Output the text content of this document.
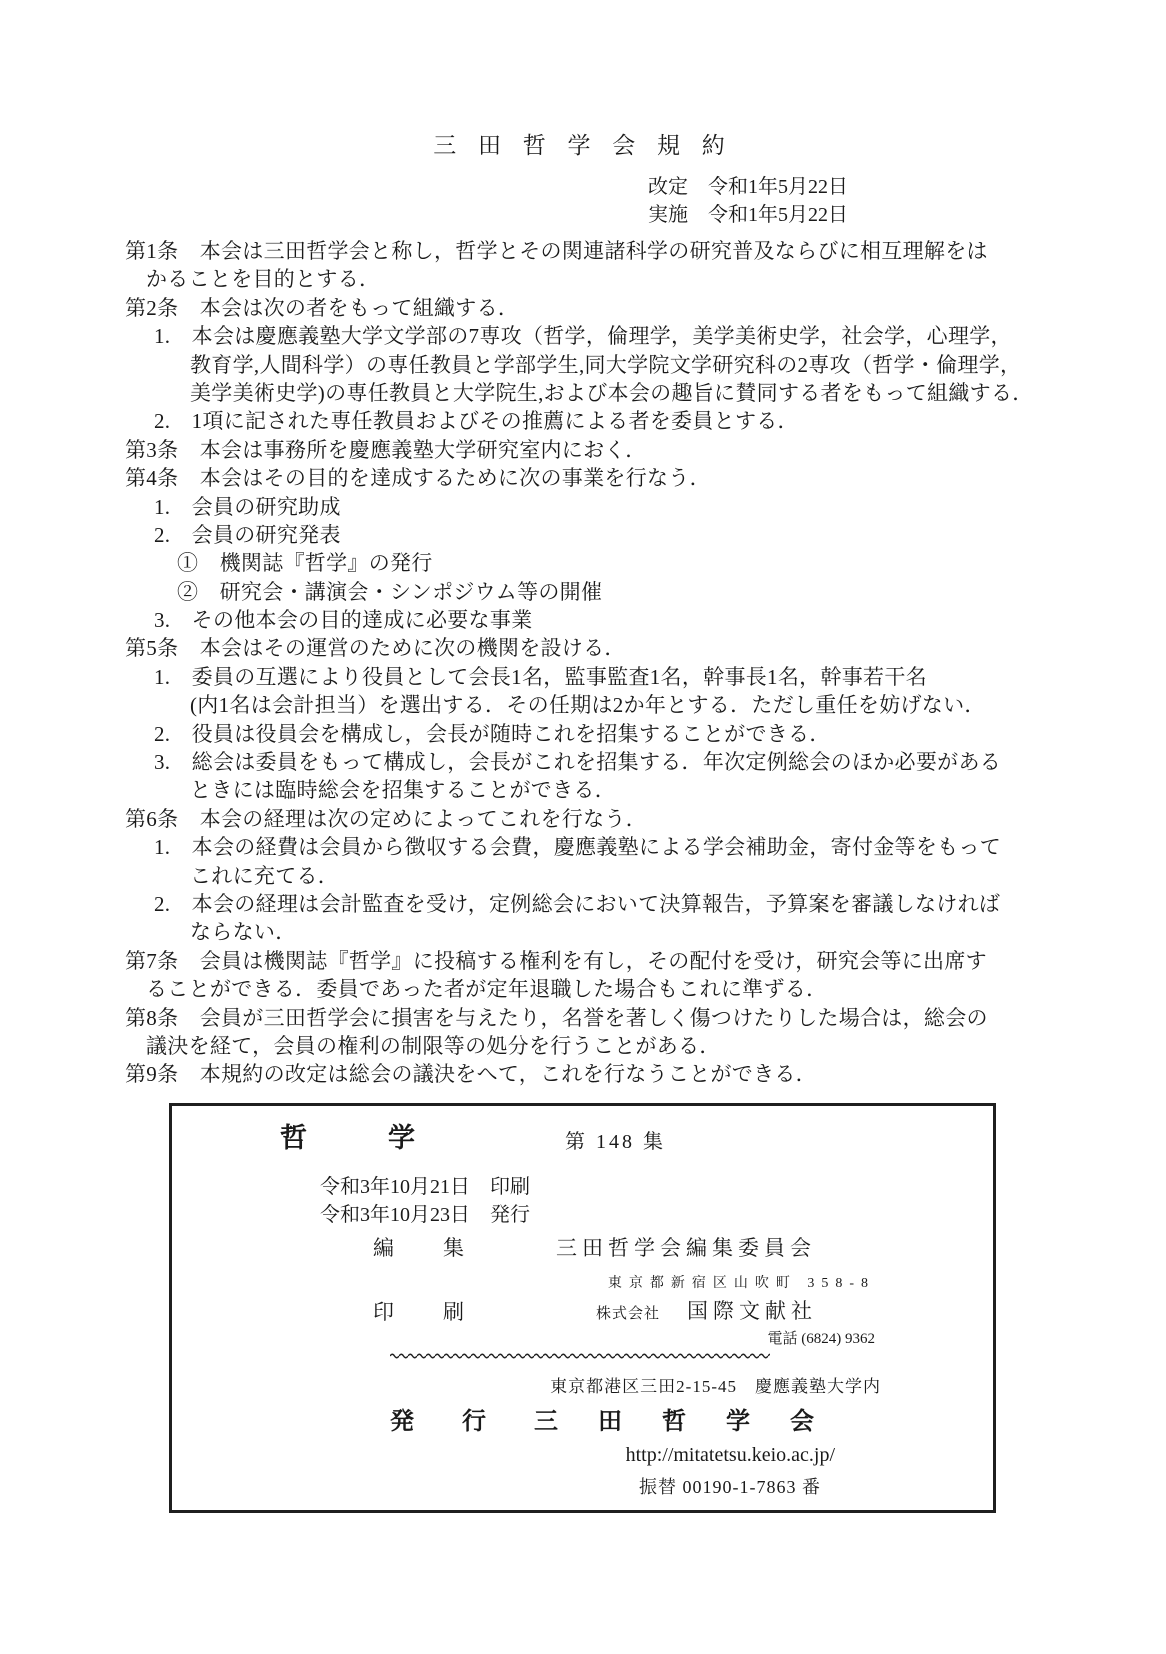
三 田 哲 学 会 規 約
改定　令和1年5月22日
実施　令和1年5月22日
第1条　本会は三田哲学会と称し，哲学とその関連諸科学の研究普及ならびに相互理解をは
かることを目的とする．
第2条　本会は次の者をもって組織する．
1.　本会は慶應義塾大学文学部の7専攻（哲学，倫理学，美学美術史学，社会学，心理学，
教育学,人間科学）の専任教員と学部学生,同大学院文学研究科の2専攻（哲学・倫理学，
美学美術史学)の専任教員と大学院生,および本会の趣旨に賛同する者をもって組織する．
2.　1項に記された専任教員およびその推薦による者を委員とする．
第3条　本会は事務所を慶應義塾大学研究室内におく．
第4条　本会はその目的を達成するために次の事業を行なう．
1.　会員の研究助成
2.　会員の研究発表
①　機関誌『哲学』の発行
②　研究会・講演会・シンポジウム等の開催
3.　その他本会の目的達成に必要な事業
第5条　本会はその運営のために次の機関を設ける．
1.　委員の互選により役員として会長1名，監事監査1名，幹事長1名，幹事若干名
(内1名は会計担当）を選出する．その任期は2か年とする．ただし重任を妨げない．
2.　役員は役員会を構成し，会長が随時これを招集することができる．
3.　総会は委員をもって構成し，会長がこれを招集する．年次定例総会のほか必要がある
ときには臨時総会を招集することができる．
第6条　本会の経理は次の定めによってこれを行なう．
1.　本会の経費は会員から徴収する会費，慶應義塾による学会補助金，寄付金等をもって
これに充てる．
2.　本会の経理は会計監査を受け，定例総会において決算報告，予算案を審議しなければ
ならない．
第7条　会員は機関誌『哲学』に投稿する権利を有し，その配付を受け，研究会等に出席す
ることができる．委員であった者が定年退職した場合もこれに準ずる．
第8条　会員が三田哲学会に損害を与えたり，名誉を著しく傷つけたりした場合は，総会の
議決を経て，会員の権利の制限等の処分を行うことがある．
第9条　本規約の改定は総会の議決をへて，これを行なうことができる．
哲　　　学	第 148 集
令和3年10月21日　印刷
令和3年10月23日　発行
編　集	三田哲学会編集委員会
東京都新宿区山吹町 358-8
印　刷	株式会社 国際文献社
電話 (6824) 9362
東京都港区三田2-15-45　慶應義塾大学内
発　行 三　田　哲　学　会
http://mitatetsu.keio.ac.jp/
振替 00190-1-7863 番
